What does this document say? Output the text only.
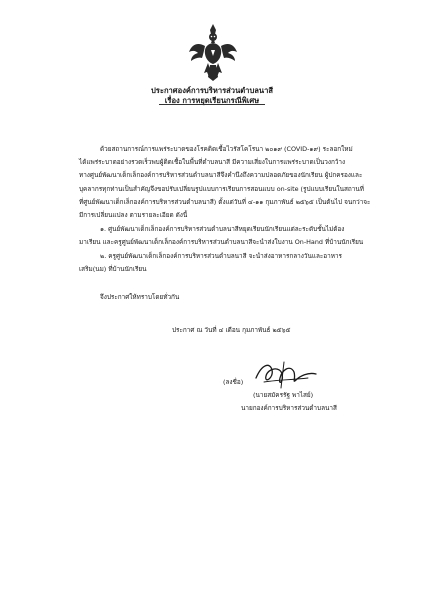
ประกาศองค์การบริหารส่วนตำบลนาสี
เรื่อง การหยุดเรียนกรณีพิเศษ
ด้วยสถานการณ์การแพร่ระบาดของโรคติดเชื้อไวรัสโคโรนา ๒๐๑๙ (COVID-๑๙) ระลอกใหม่
ได้แพร่ระบาดอย่างรวดเร็วพบผู้ติดเชื้อในพื้นที่ตำบลนาสี มีความเสี่ยงในการแพร่ระบาดเป็นวงกว้าง
ทางศูนย์พัฒนาเด็กเล็กองค์การบริหารส่วนตำบลนาสีจึงคำนึงถึงความปลอดภัยของนักเรียน ผู้ปกครองและ
บุคลากรทุกท่านเป็นสำคัญจึงขอปรับเปลี่ยนรูปแบบการเรียนการสอนแบบ on-site (รูปแบบเรียนในสถานที่
ที่ศูนย์พัฒนาเด็กเล็กองค์การบริหารส่วนตำบลนาสี) ตั้งแต่วันที่ ๔-๑๑ กุมภาพันธ์ ๒๕๖๕ เป็นต้นไป จนกว่าจะ
มีการเปลี่ยนแปลง ตามรายละเอียด ดังนี้
๑. ศูนย์พัฒนาเด็กเล็กองค์การบริหารส่วนตำบลนาสีหยุดเรียนนักเรียนแต่ละระดับชั้นไม่ต้อง
มาเรียน และครูศูนย์พัฒนาเด็กเล็กองค์การบริหารส่วนตำบลนาสีจะนำส่งใบงาน On-Hand ที่บ้านนักเรียน
๒. ครูศูนย์พัฒนาเด็กเล็กองค์การบริหารส่วนตำบลนาสี จะนำส่งอาหารกลางวันและอาหาร
เสริม(นม) ที่บ้านนักเรียน
จึงประกาศให้ทราบโดยทั่วกัน
ประกาศ ณ วันที่ ๔ เดือน กุมภาพันธ์ ๒๕๖๕
(ลงชื่อ)
(นายสมัครรัฐ พาไสย์)
นายกองค์การบริหารส่วนตำบลนาสี
